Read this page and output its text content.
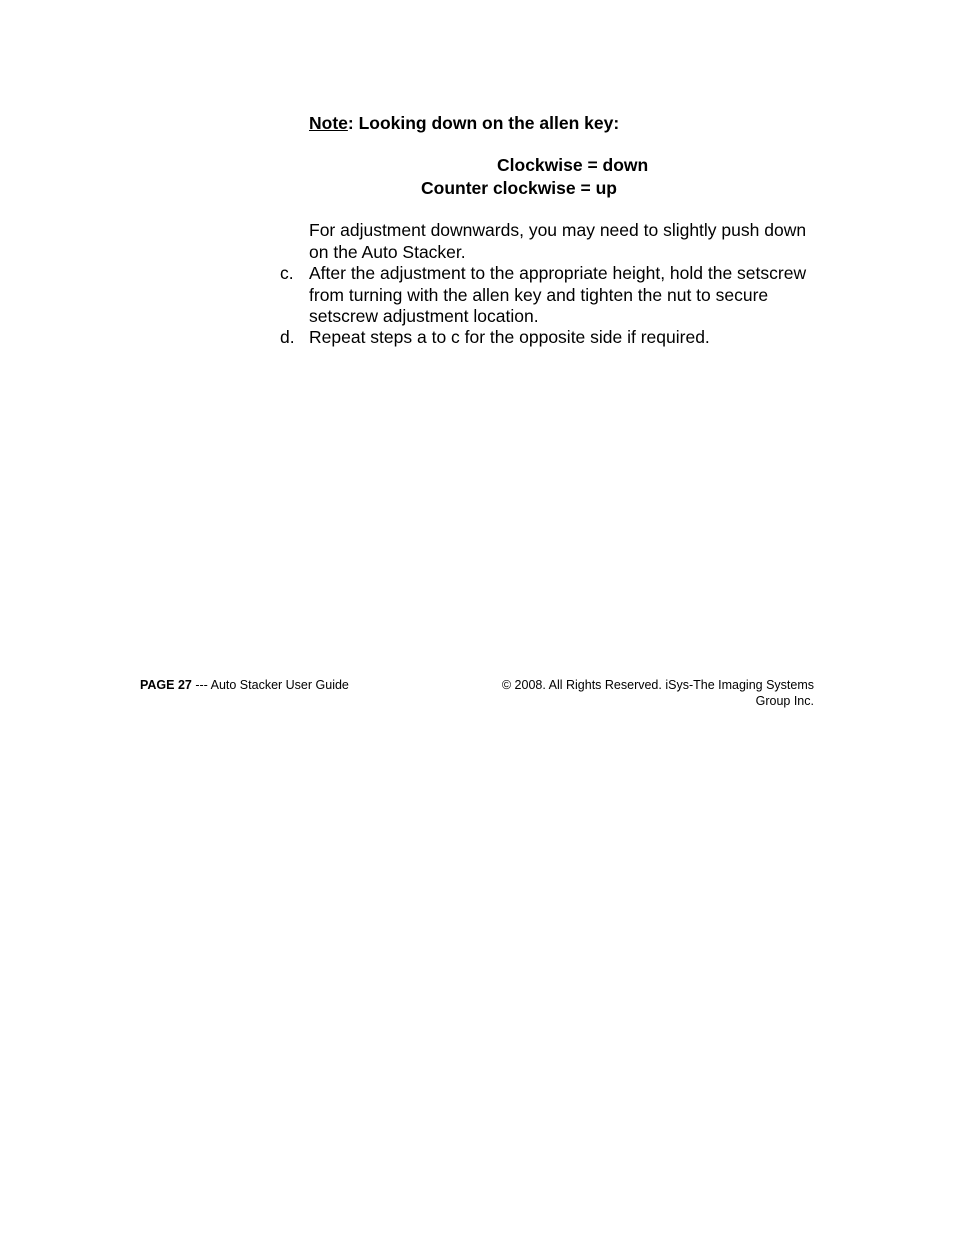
Note: Looking down on the allen key:
Clockwise = down
Counter clockwise = up
For adjustment downwards, you may need to slightly push down on the Auto Stacker.
c. After the adjustment to the appropriate height, hold the setscrew from turning with the allen key and tighten the nut to secure setscrew adjustment location.
d. Repeat steps a to c for the opposite side if required.
PAGE 27 --- Auto Stacker User Guide	© 2008. All Rights Reserved. iSys-The Imaging Systems Group Inc.
